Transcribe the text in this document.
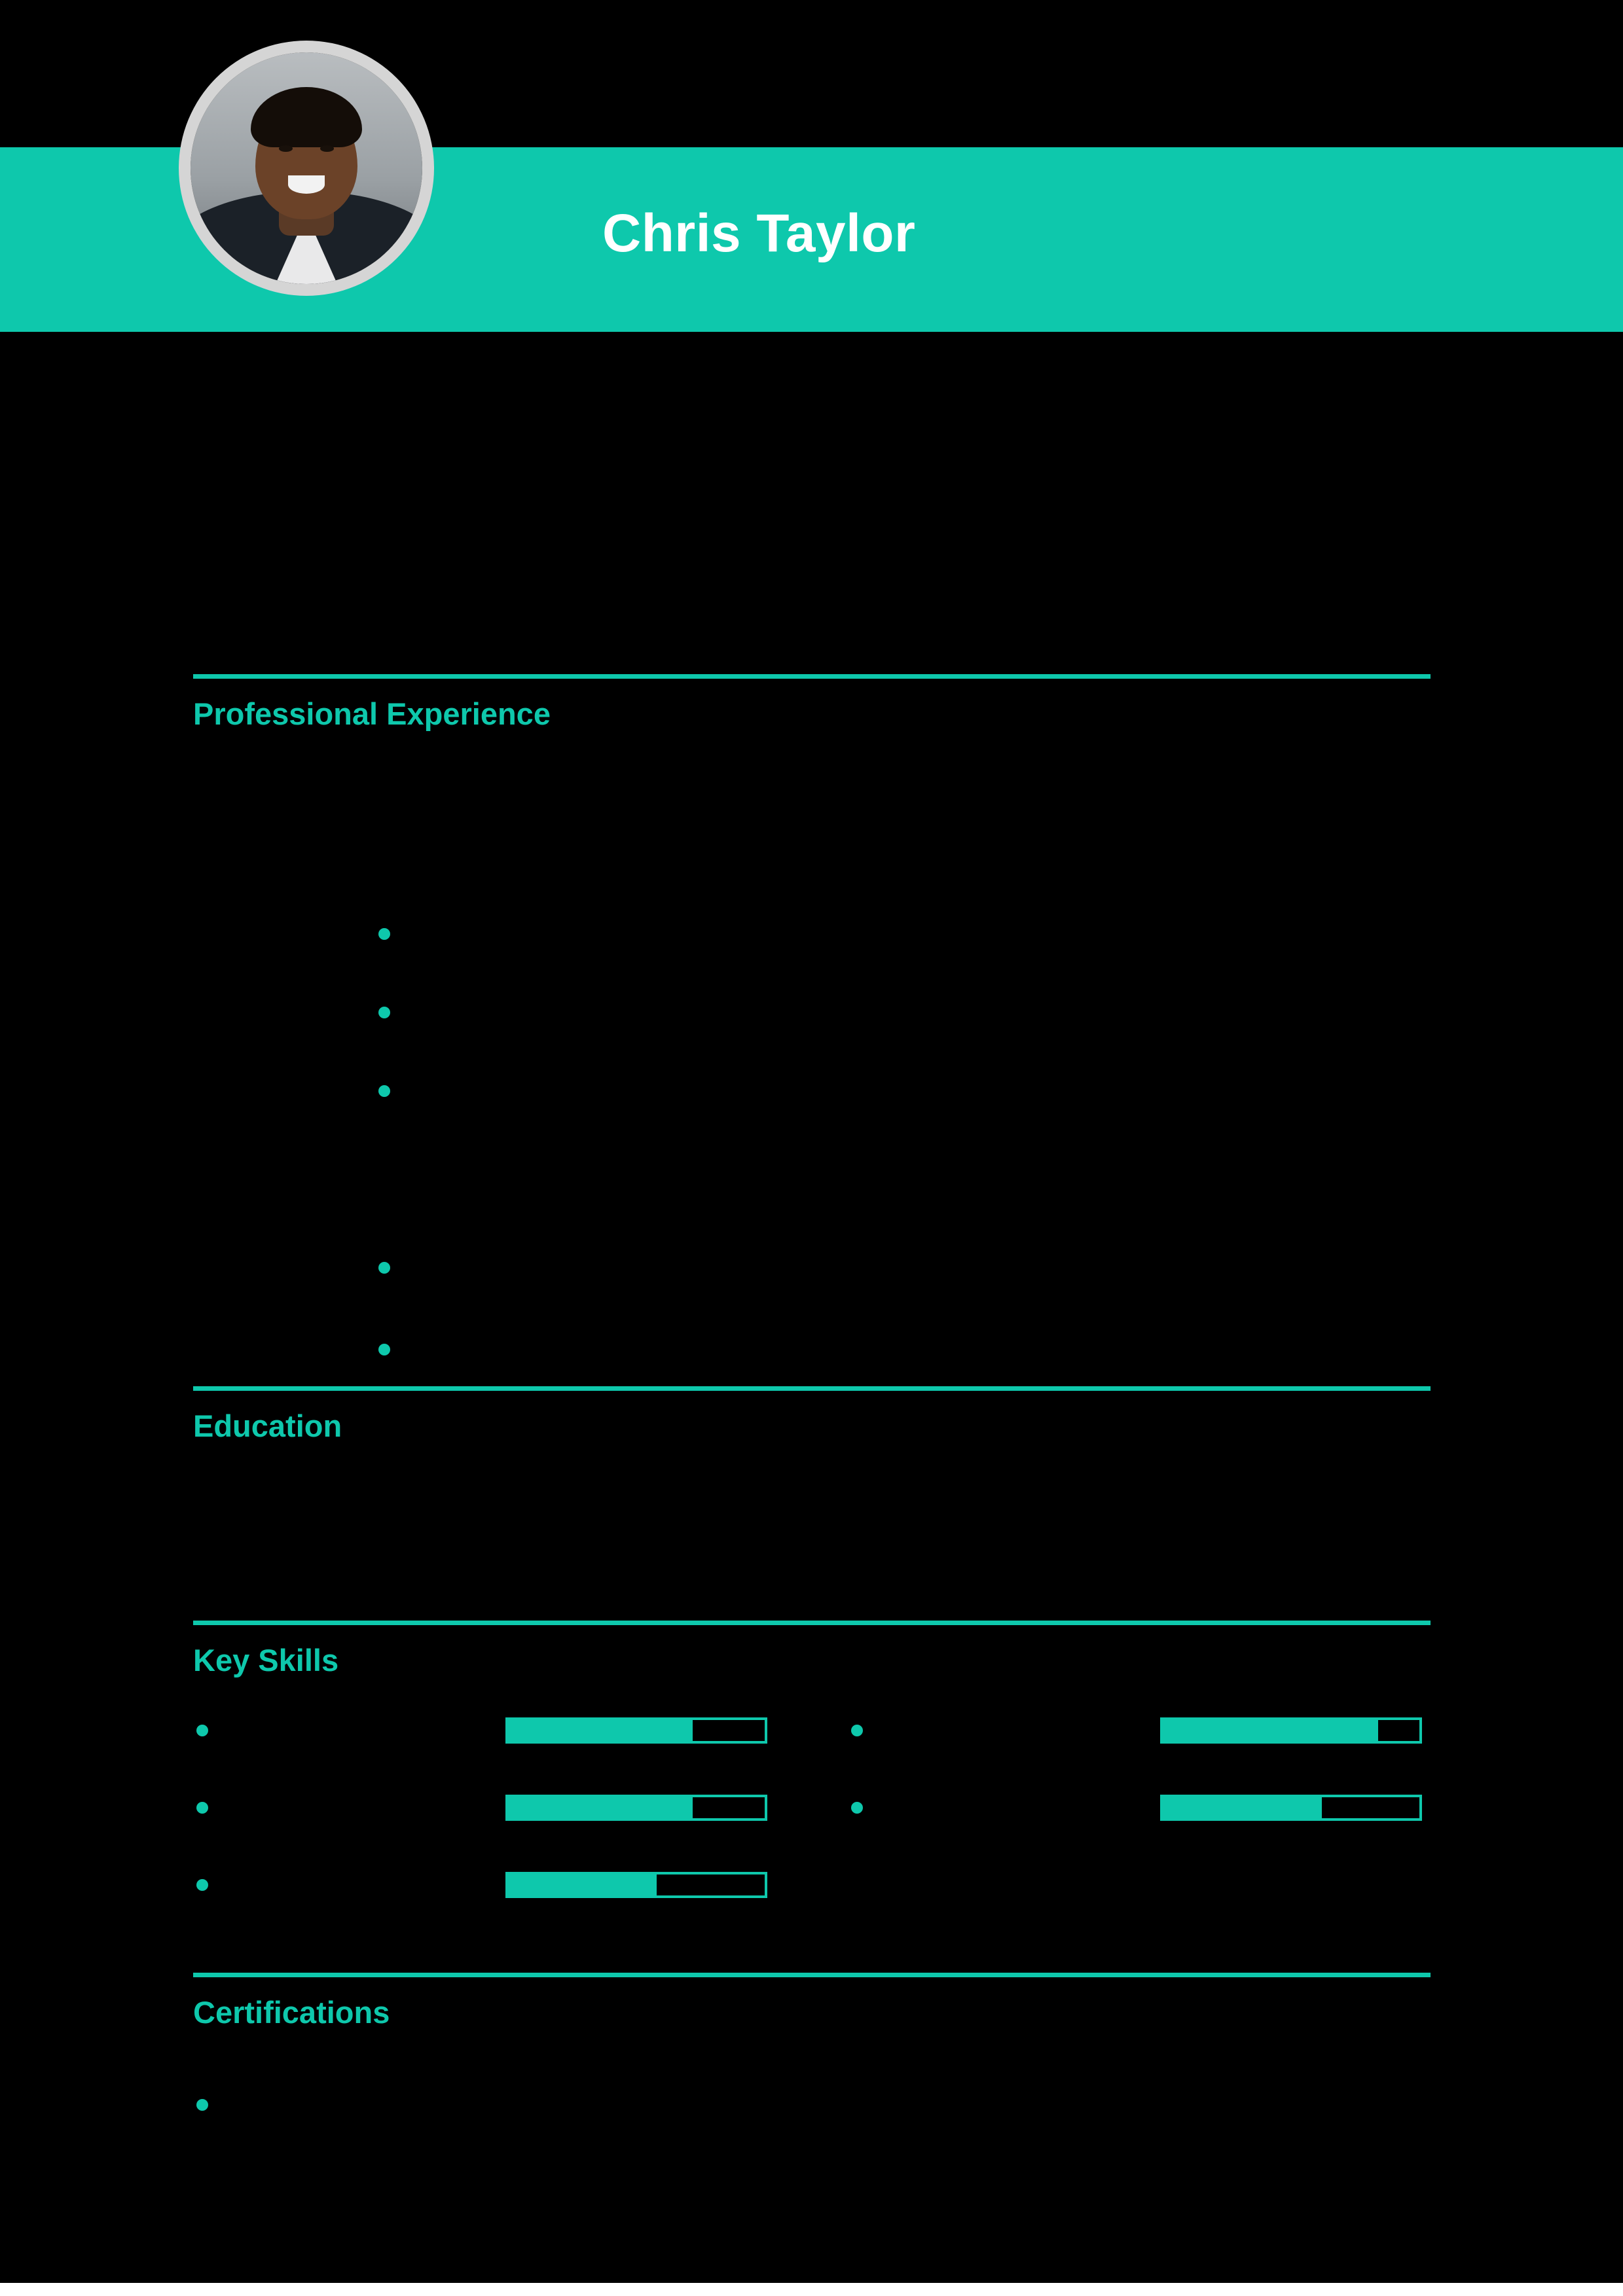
Chris Taylor
Professional Experience
Education
Key Skills
Certifications
